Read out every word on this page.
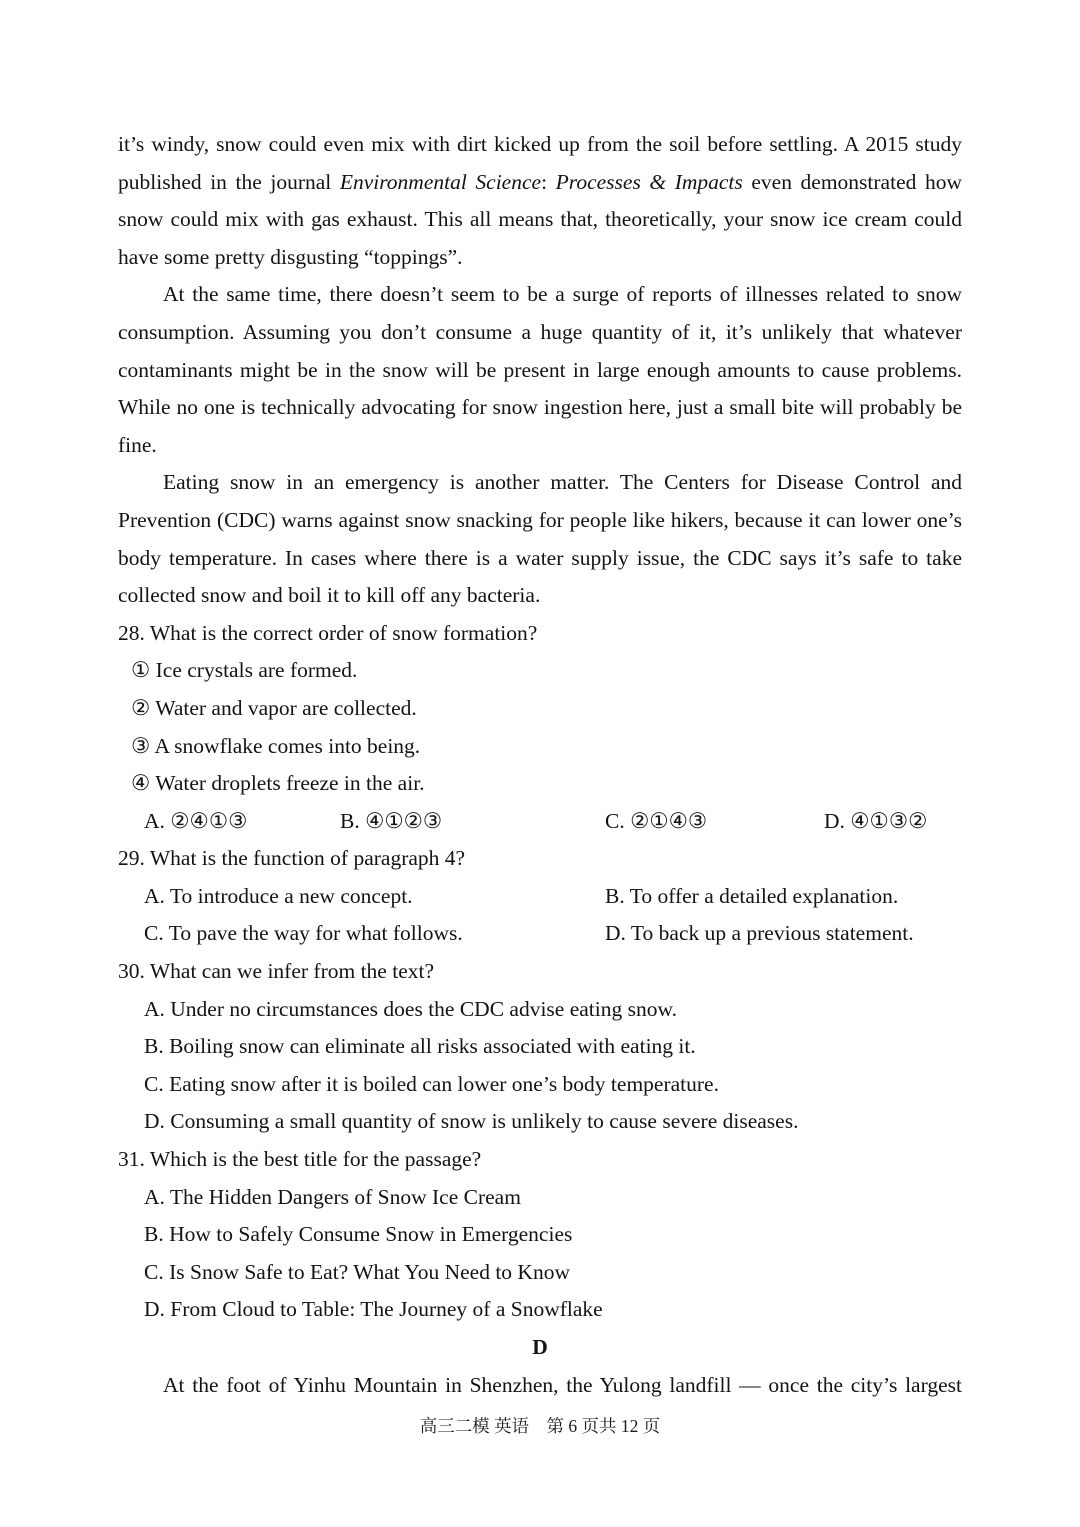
it’s windy, snow could even mix with dirt kicked up from the soil before settling. A 2015 study published in the journal Environmental Science: Processes & Impacts even demonstrated how snow could mix with gas exhaust. This all means that, theoretically, your snow ice cream could have some pretty disgusting “toppings”.

At the same time, there doesn’t seem to be a surge of reports of illnesses related to snow consumption. Assuming you don’t consume a huge quantity of it, it’s unlikely that whatever contaminants might be in the snow will be present in large enough amounts to cause problems. While no one is technically advocating for snow ingestion here, just a small bite will probably be fine.

Eating snow in an emergency is another matter. The Centers for Disease Control and Prevention (CDC) warns against snow snacking for people like hikers, because it can lower one’s body temperature. In cases where there is a water supply issue, the CDC says it’s safe to take collected snow and boil it to kill off any bacteria.

28. What is the correct order of snow formation?

① Ice crystals are formed.
② Water and vapor are collected.
③ A snowflake comes into being.
④ Water droplets freeze in the air.
A. ②④①③	B. ④①②③	C. ②①④③	D. ④①③②

29. What is the function of paragraph 4?

A. To introduce a new concept.	B. To offer a detailed explanation.
C. To pave the way for what follows.	D. To back up a previous statement.

30. What can we infer from the text?

A. Under no circumstances does the CDC advise eating snow.
B. Boiling snow can eliminate all risks associated with eating it.
C. Eating snow after it is boiled can lower one’s body temperature.
D. Consuming a small quantity of snow is unlikely to cause severe diseases.

31. Which is the best title for the passage?

A. The Hidden Dangers of Snow Ice Cream
B. How to Safely Consume Snow in Emergencies
C. Is Snow Safe to Eat? What You Need to Know
D. From Cloud to Table: The Journey of a Snowflake
D

At the foot of Yinhu Mountain in Shenzhen, the Yulong landfill — once the city’s largest

高三二模 英语　第 6 页共 12 页
